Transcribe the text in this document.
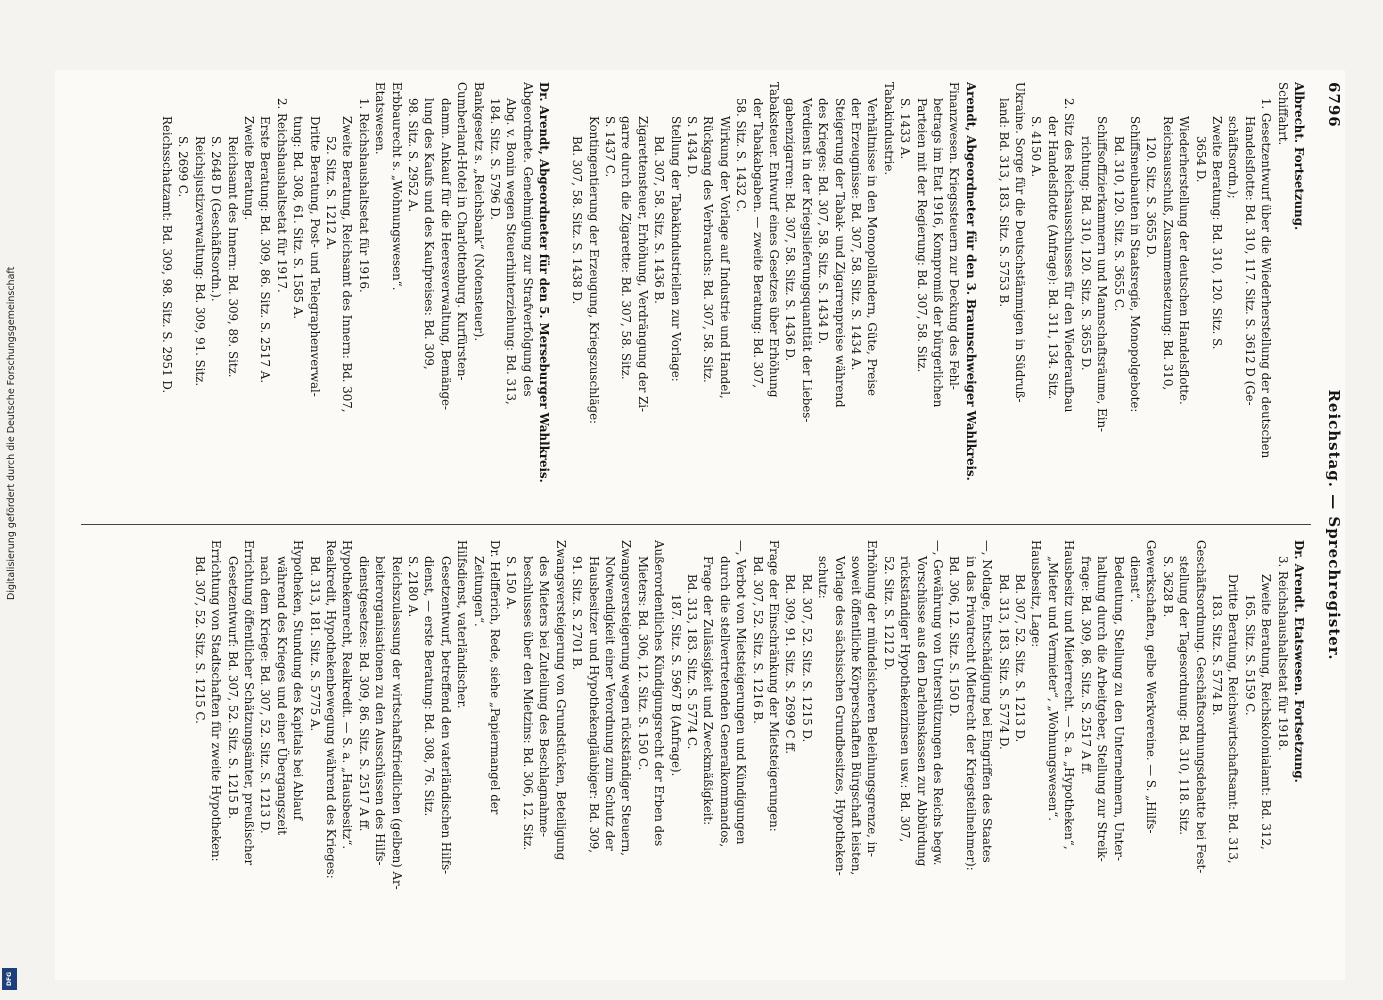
6796
Reichstag. — Sprechregister.
Albrecht. Fortsetzung.
Schiffahrt.
1. Gesetzentwurf über die Wiederherstellung der deutschen
Handelsflotte: Bd. 310, 117. Sitz. S. 3612 D (Ge-
schäftsordn.);
Zweite Beratung: Bd. 310, 120. Sitz. S.
3654 D.
Wiederherstellung der deutschen Handelsflotte.
Reichsausschuß, Zusammensetzung: Bd. 310,
120. Sitz. S. 3655 D.
Schiffsneubauten in Staatsregie, Monopolgebote:
Bd. 310, 120. Sitz. S. 3655 C.
Schiffsoffizierkammern und Mannschaftsräume, Ein-
richtung: Bd. 310, 120. Sitz. S. 3655 D.
2. Sitz des Reichsausschusses für den Wiederaufbau
der Handelsflotte (Anfrage): Bd. 311, 134. Sitz.
S. 4150 A.
Ukraine. Sorge für die Deutschstämmigen in Südruß-
land: Bd. 313, 183. Sitz. S. 5753 B.

Arendt, Abgeordneter für den 3. Braunschweiger Wahlkreis.
Finanzwesen. Kriegssteuern zur Deckung des Fehl-
betrags im Etat 1916, Kompromiß der bürgerlichen
Parteien mit der Regierung: Bd. 307, 58. Sitz.
S. 1433 A.
Tabakindustrie.
Verhältnisse in den Monopolländern, Güte, Preise
der Erzeugnisse: Bd. 307, 58. Sitz. S. 1434 A.
Steigerung der Tabak- und Zigarrenpreise während
des Krieges: Bd. 307, 58. Sitz. S. 1434 D.
Verdienst in der Kriegslieferungsquantität der Liebes-
gabenzigarren: Bd. 307, 58. Sitz. S. 1436 D.
Tabaksteuer. Entwurf eines Gesetzes über Erhöhung
der Tabakabgaben. — zweite Beratung: Bd. 307,
58. Sitz. S. 1432 C.
Wirkung der Vorlage auf Industrie und Handel,
Rückgang des Verbrauchs: Bd. 307, 58. Sitz.
S. 1434 D.
Stellung der Tabakindustriellen zur Vorlage:
Bd. 307, 58. Sitz. S. 1436 B.
Zigarettensteuer, Erhöhung, Verdrängung der Zi-
garre durch die Zigarette: Bd. 307, 58. Sitz.
S. 1437 C.
Kontingentierung der Erzeugung, Kriegszuschläge:
Bd. 307, 58. Sitz. S. 1438 D.

Dr. Arendt, Abgeordneter für den 5. Merseburger Wahlkreis.
Abgeordnete. Genehmigung zur Strafverfolgung des
Abg. v. Bonin wegen Steuerhinterziehung: Bd. 313,
184. Sitz. S. 5796 D.
Bankgesetz s. „Reichsbank“ (Notensteuer).
Cumberland-Hotel in Charlottenburg. Kurfürsten-
damm. Ankauf für die Heeresverwaltung, Bemänge-
lung des Kaufs und des Kaufpreises: Bd. 309,
98. Sitz. S. 2952 A.
Erbbaurecht s. „Wohnungswesen“.
Etatswesen.
1. Reichshaushaltsetat für 1916.
Zweite Beratung, Reichsamt des Innern: Bd. 307,
52. Sitz. S. 1212 A.
Dritte Beratung, Post- und Telegraphenverwal-
tung: Bd. 308, 61. Sitz. S. 1585 A.
2. Reichshaushaltsetat für 1917.
Erste Beratung: Bd. 309, 86. Sitz. S. 2517 A.
Zweite Beratung.
Reichsamt des Innern: Bd. 309, 89. Sitz.
S. 2648 D (Geschäftsordn.).
Reichsjustizverwaltung: Bd. 309, 91. Sitz.
S. 2699 C.
Reichsschatzamt: Bd. 309, 98. Sitz. S. 2951 D.
Dr. Arendt. Etatswesen. Fortsetzung.
3. Reichshaushaltsetat für 1918.
Zweite Beratung, Reichskolonialamt: Bd. 312,
165. Sitz. S. 5159 C.
Dritte Beratung, Reichswirtschaftsamt: Bd. 313,
183. Sitz. S. 5774 B.
Geschäftsordnung. Geschäftsordnungsdebatte bei Fest-
stellung der Tagesordnung: Bd. 310, 118. Sitz.
S. 3628 B.
Gewerkschaften, gelbe Werkvereine. — S. „Hilfs-
dienst“.
Bedeutung, Stellung zu den Unternehmern, Unter-
haltung durch die Arbeitgeber, Stellung zur Streik-
frage: Bd. 309, 86. Sitz. S. 2517 A ff.
Hausbesitz und Mieterrecht. — S. a. „Hypotheken“,
„Mieter und Vermieter“, „Wohnungswesen“.
Hausbesitz, Lage:
Bd. 307, 52. Sitz. S. 1213 D.
Bd. 313, 183. Sitz. S. 5774 D.
—, Notlage, Entschädigung bei Eingriffen des Staates
in das Privatrecht (Mietrecht der Kriegsteilnehmer):
Bd. 306, 12. Sitz. S. 150 D.
—, Gewährung von Unterstützungen des Reichs begw.
Vorschüsse aus den Darlehnskassen zur Abbürdung
rückständiger Hypothekenzinsen usw.: Bd. 307,
52. Sitz. S. 1212 D.
Erhöhung der mündelsicheren Beleihungsgrenze, in-
soweit öffentliche Körperschaften Bürgschaft leisten,
Vorlage des sächsischen Grundbesitzes, Hypotheken-
schutz:
Bd. 307, 52. Sitz. S. 1215 D.
Bd. 309, 91. Sitz. S. 2699 C ff.
Frage der Einschränkung der Mietsteigerungen:
Bd. 307, 52. Sitz. S. 1216 B.
—, Verbot von Mietsteigerungen und Kündigungen
durch die stellvertretenden Generalkommandos,
Frage der Zulässigkeit und Zweckmäßigkeit:
Bd. 313, 183. Sitz. S. 5774 C.
187. Sitz. S. 5967 B (Anfrage).
Außerordentliches Kündigungsrecht der Erben des
Mieters: Bd. 306, 12. Sitz. S. 150 C.
Zwangsversteigerung wegen rückständiger Steuern,
Notwendigkeit einer Verordnung zum Schutz der
Hausbesitzer und Hypothekengläubiger: Bd. 309,
91. Sitz. S. 2701 B.
Zwangsversteigerung von Grundstücken, Beteiligung
des Mieters bei Zuteilung des Beschlagnahme-
beschlusses über den Mietzins: Bd. 306, 12. Sitz.
S. 150 A.
Dr. Helfferich, Rede, siehe „Papiermangel der
Zeitungen“.
Hilfsdienst, vaterländischer.
Gesetzentwurf, betreffend den vaterländischen Hilfs-
dienst, — erste Beratung: Bd. 308, 76. Sitz.
S. 2180 A.
Reichszulassung der wirtschaftsfriedlichen (gelben) Ar-
beiterorganisationen zu den Ausschüssen des Hilfs-
dienstgesetzes: Bd. 309, 86. Sitz. S. 2517 A ff.
Hypothekenrecht, Realkredit. — S. a. „Hausbesitz“.
Realkredit, Hypothekenbewegung während des Krieges:
Bd. 313, 181. Sitz. S. 5775 A.
Hypotheken, Stundung des Kapitals bei Ablauf
während des Krieges und einer Übergangszeit
nach dem Kriege: Bd. 307, 52. Sitz. S. 1213 D.
Errichtung öffentlicher Schätzungsämter, preußischer
Gesetzentwurf: Bd. 307, 52. Sitz. S. 1215 B.
Errichtung von Stadtschaften für zweite Hypotheken:
Bd. 307, 52. Sitz. S. 1215 C.
Digitalisierung gefördert durch die Deutsche Forschungsgemeinschaft
DFG
